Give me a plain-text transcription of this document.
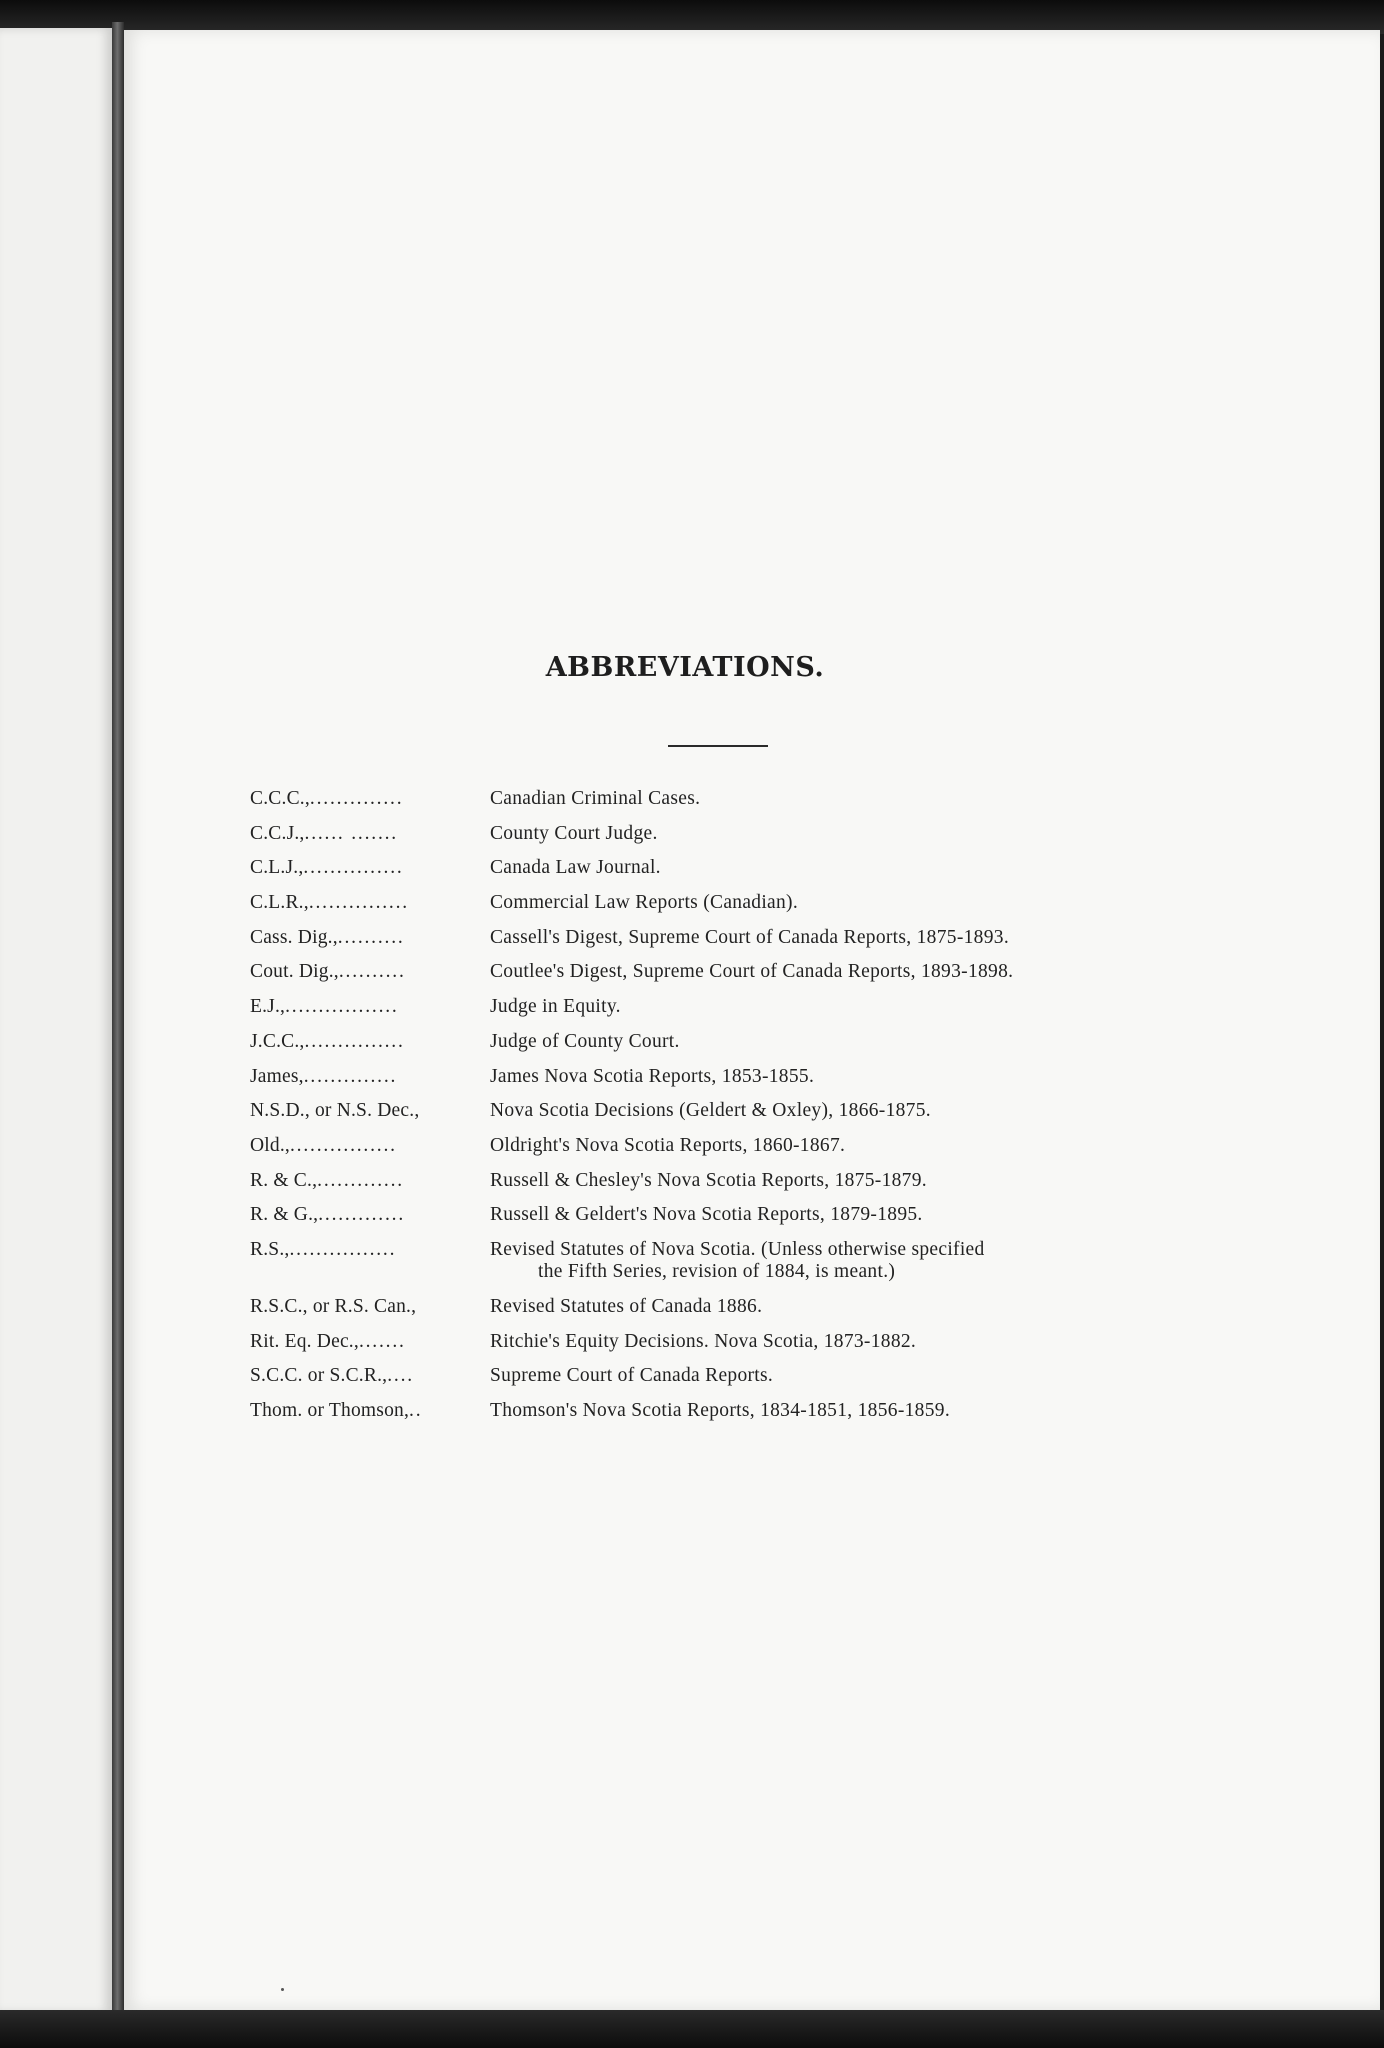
ABBREVIATIONS.
C.C.C.,..............	Canadian Criminal Cases.
C.C.J.,...... .......	County Court Judge.
C.L.J.,...............	Canada Law Journal.
C.L.R.,...............	Commercial Law Reports (Canadian).
Cass. Dig.,..........	Cassell's Digest, Supreme Court of Canada Reports, 1875-1893.
Cout. Dig.,..........	Coutlee's Digest, Supreme Court of Canada Reports, 1893-1898.
E.J.,.................	Judge in Equity.
J.C.C.,...............	Judge of County Court.
James,..............	James Nova Scotia Reports, 1853-1855.
N.S.D., or N.S. Dec.,	Nova Scotia Decisions (Geldert & Oxley), 1866-1875.
Old.,................	Oldright's Nova Scotia Reports, 1860-1867.
R. & C.,.............	Russell & Chesley's Nova Scotia Reports, 1875-1879.
R. & G.,.............	Russell & Geldert's Nova Scotia Reports, 1879-1895.
R.S.,................	Revised Statutes of Nova Scotia. (Unless otherwise specified
the Fifth Series, revision of 1884, is meant.)
R.S.C., or R.S. Can.,	Revised Statutes of Canada 1886.
Rit. Eq. Dec.,.......	Ritchie's Equity Decisions. Nova Scotia, 1873-1882.
S.C.C. or S.C.R.,....	Supreme Court of Canada Reports.
Thom. or Thomson,..	Thomson's Nova Scotia Reports, 1834-1851, 1856-1859.
